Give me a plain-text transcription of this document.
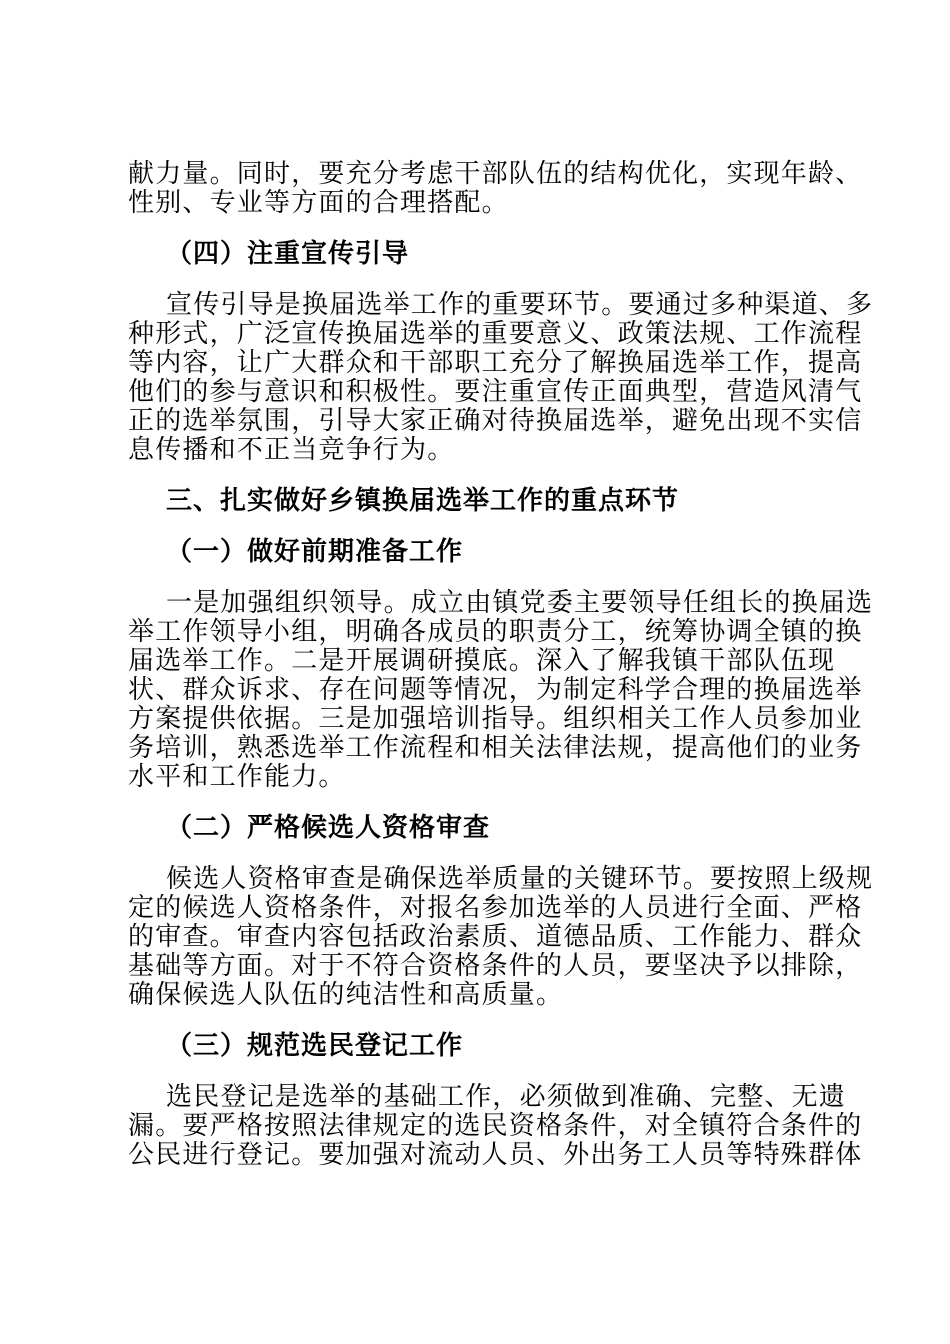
献力量。同时，要充分考虑干部队伍的结构优化，实现年龄、
性别、专业等方面的合理搭配。
（四）注重宣传引导
宣传引导是换届选举工作的重要环节。要通过多种渠道、多
种形式，广泛宣传换届选举的重要意义、政策法规、工作流程
等内容，让广大群众和干部职工充分了解换届选举工作，提高
他们的参与意识和积极性。要注重宣传正面典型，营造风清气
正的选举氛围，引导大家正确对待换届选举，避免出现不实信
息传播和不正当竞争行为。
三、扎实做好乡镇换届选举工作的重点环节
（一）做好前期准备工作
一是加强组织领导。成立由镇党委主要领导任组长的换届选
举工作领导小组，明确各成员的职责分工，统筹协调全镇的换
届选举工作。二是开展调研摸底。深入了解我镇干部队伍现
状、群众诉求、存在问题等情况，为制定科学合理的换届选举
方案提供依据。三是加强培训指导。组织相关工作人员参加业
务培训，熟悉选举工作流程和相关法律法规，提高他们的业务
水平和工作能力。
（二）严格候选人资格审查
候选人资格审查是确保选举质量的关键环节。要按照上级规
定的候选人资格条件，对报名参加选举的人员进行全面、严格
的审查。审查内容包括政治素质、道德品质、工作能力、群众
基础等方面。对于不符合资格条件的人员，要坚决予以排除，
确保候选人队伍的纯洁性和高质量。
（三）规范选民登记工作
选民登记是选举的基础工作，必须做到准确、完整、无遗
漏。要严格按照法律规定的选民资格条件，对全镇符合条件的
公民进行登记。要加强对流动人员、外出务工人员等特殊群体
